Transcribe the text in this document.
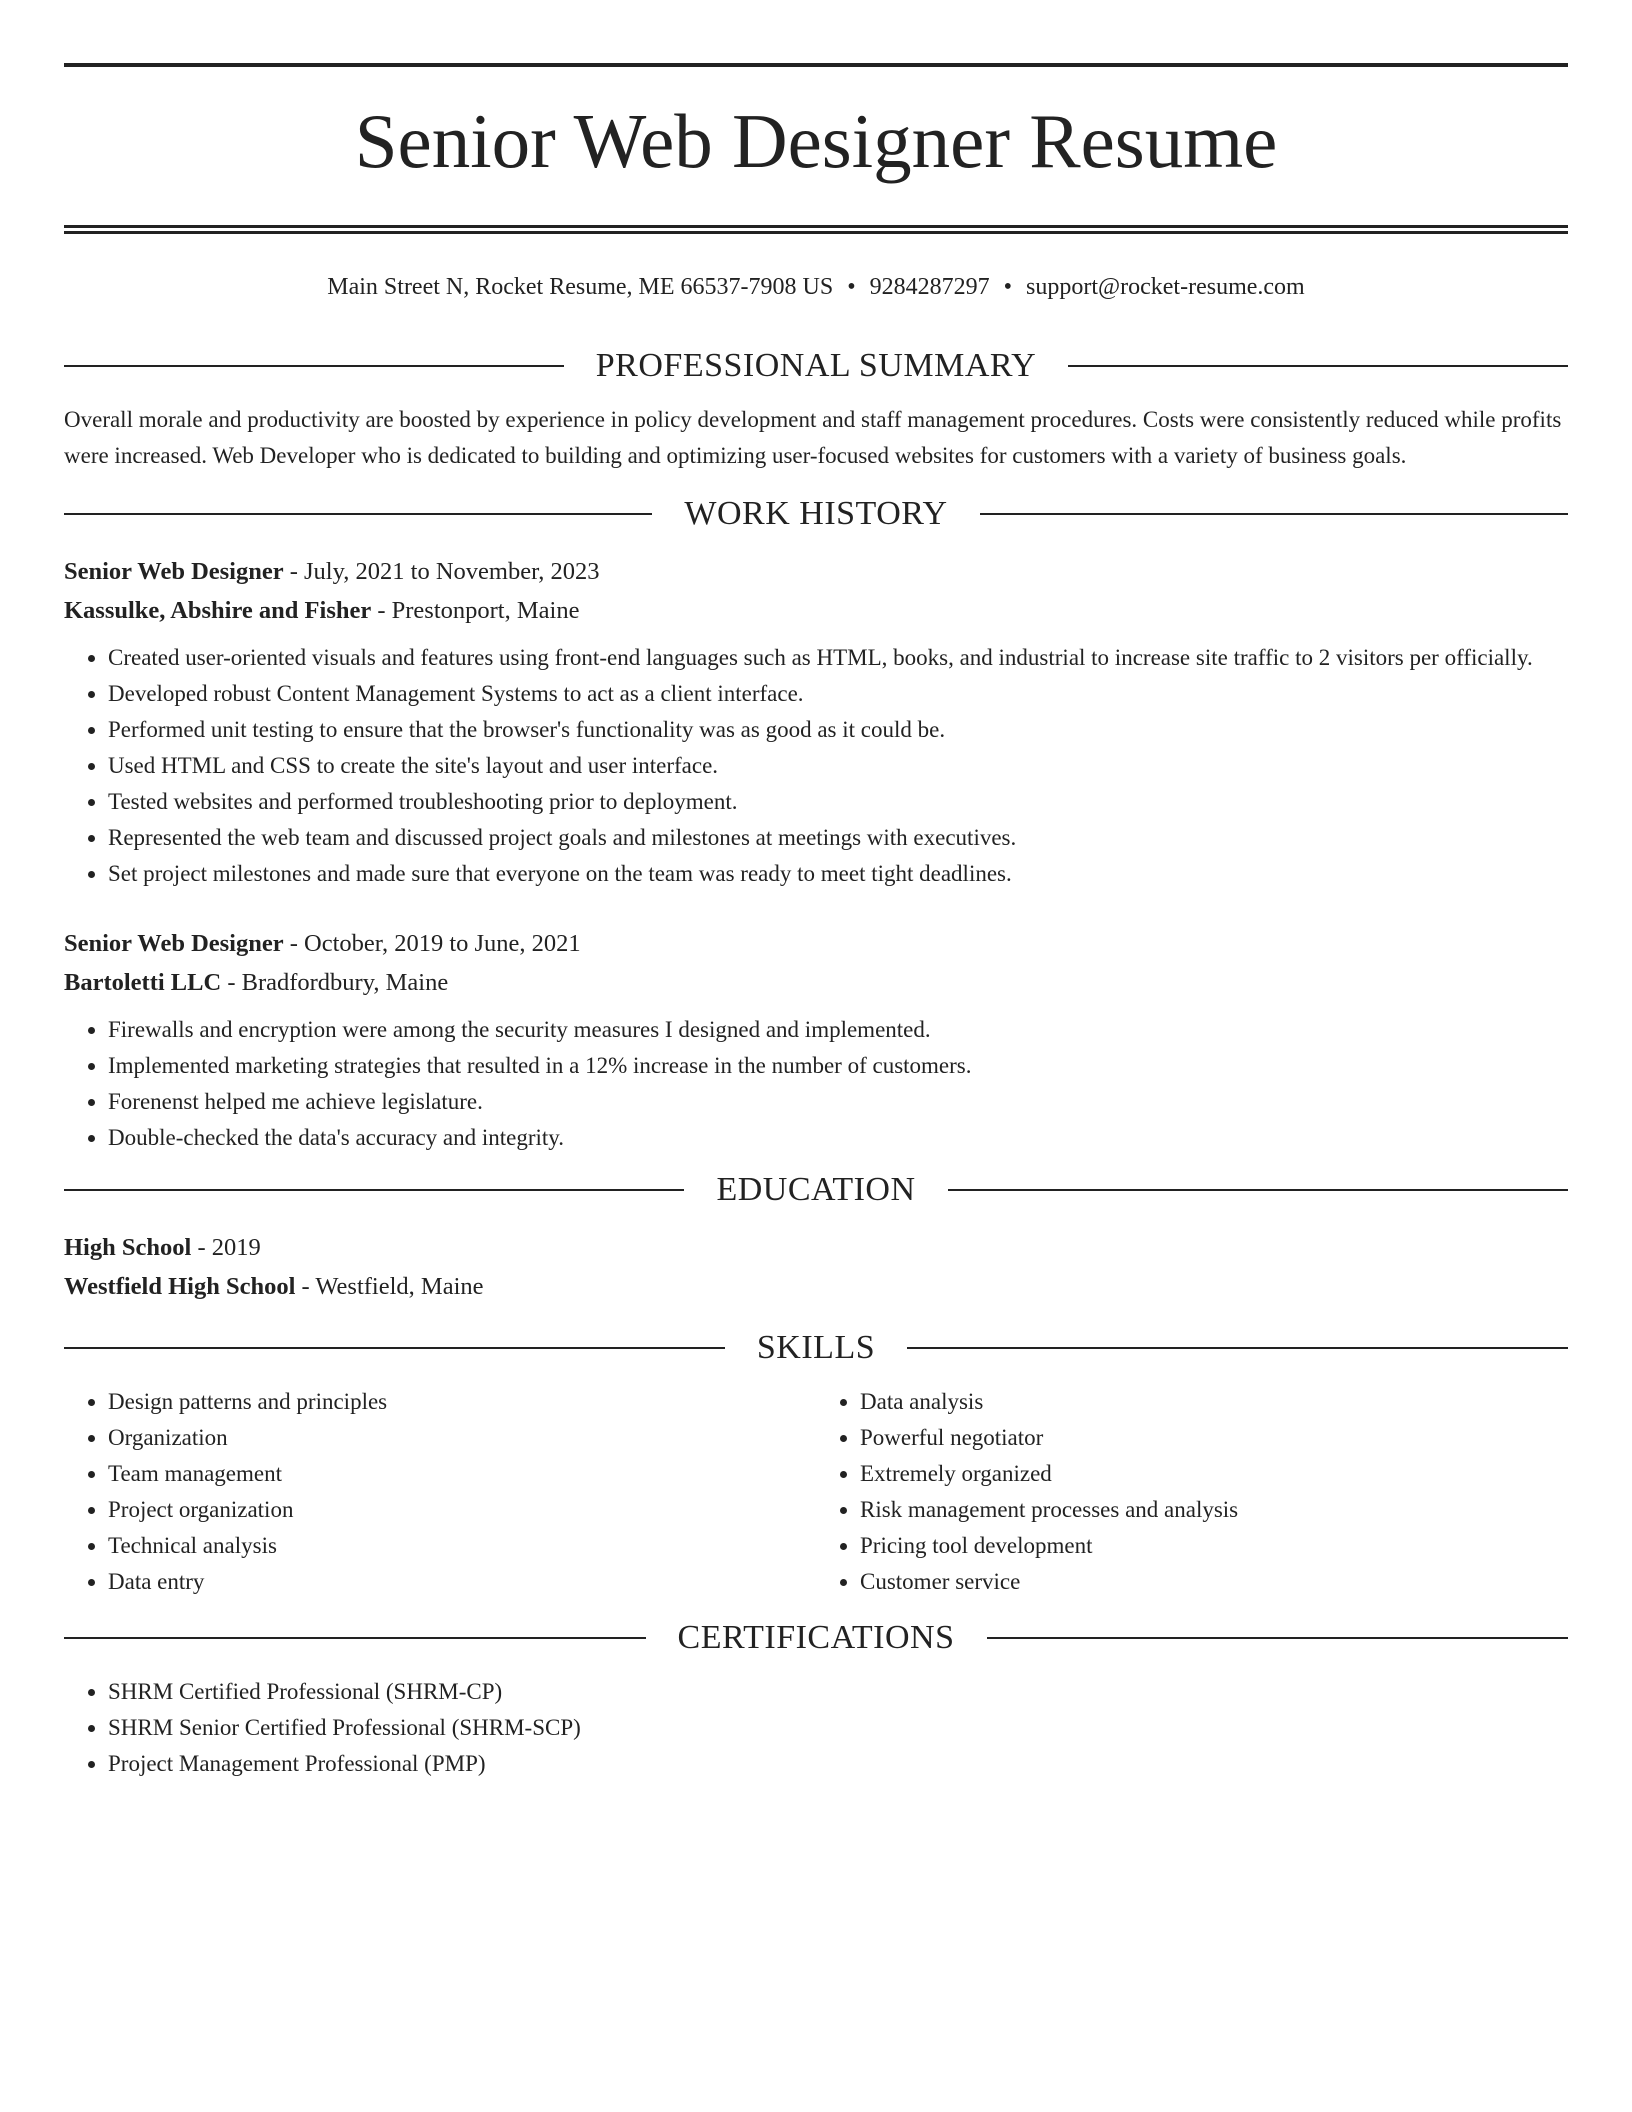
Senior Web Designer Resume
Main Street N, Rocket Resume, ME 66537-7908 US • 9284287297 • support@rocket-resume.com
PROFESSIONAL SUMMARY
Overall morale and productivity are boosted by experience in policy development and staff management procedures. Costs were consistently reduced while profits were increased. Web Developer who is dedicated to building and optimizing user-focused websites for customers with a variety of business goals.
WORK HISTORY
Senior Web Designer - July, 2021 to November, 2023
Kassulke, Abshire and Fisher - Prestonport, Maine
• Created user-oriented visuals and features using front-end languages such as HTML, books, and industrial to increase site traffic to 2 visitors per officially.
• Developed robust Content Management Systems to act as a client interface.
• Performed unit testing to ensure that the browser's functionality was as good as it could be.
• Used HTML and CSS to create the site's layout and user interface.
• Tested websites and performed troubleshooting prior to deployment.
• Represented the web team and discussed project goals and milestones at meetings with executives.
• Set project milestones and made sure that everyone on the team was ready to meet tight deadlines.
Senior Web Designer - October, 2019 to June, 2021
Bartoletti LLC - Bradfordbury, Maine
• Firewalls and encryption were among the security measures I designed and implemented.
• Implemented marketing strategies that resulted in a 12% increase in the number of customers.
• Forenenst helped me achieve legislature.
• Double-checked the data's accuracy and integrity.
EDUCATION
High School - 2019
Westfield High School - Westfield, Maine
SKILLS
• Design patterns and principles
• Organization
• Team management
• Project organization
• Technical analysis
• Data entry
• Data analysis
• Powerful negotiator
• Extremely organized
• Risk management processes and analysis
• Pricing tool development
• Customer service
CERTIFICATIONS
• SHRM Certified Professional (SHRM-CP)
• SHRM Senior Certified Professional (SHRM-SCP)
• Project Management Professional (PMP)
